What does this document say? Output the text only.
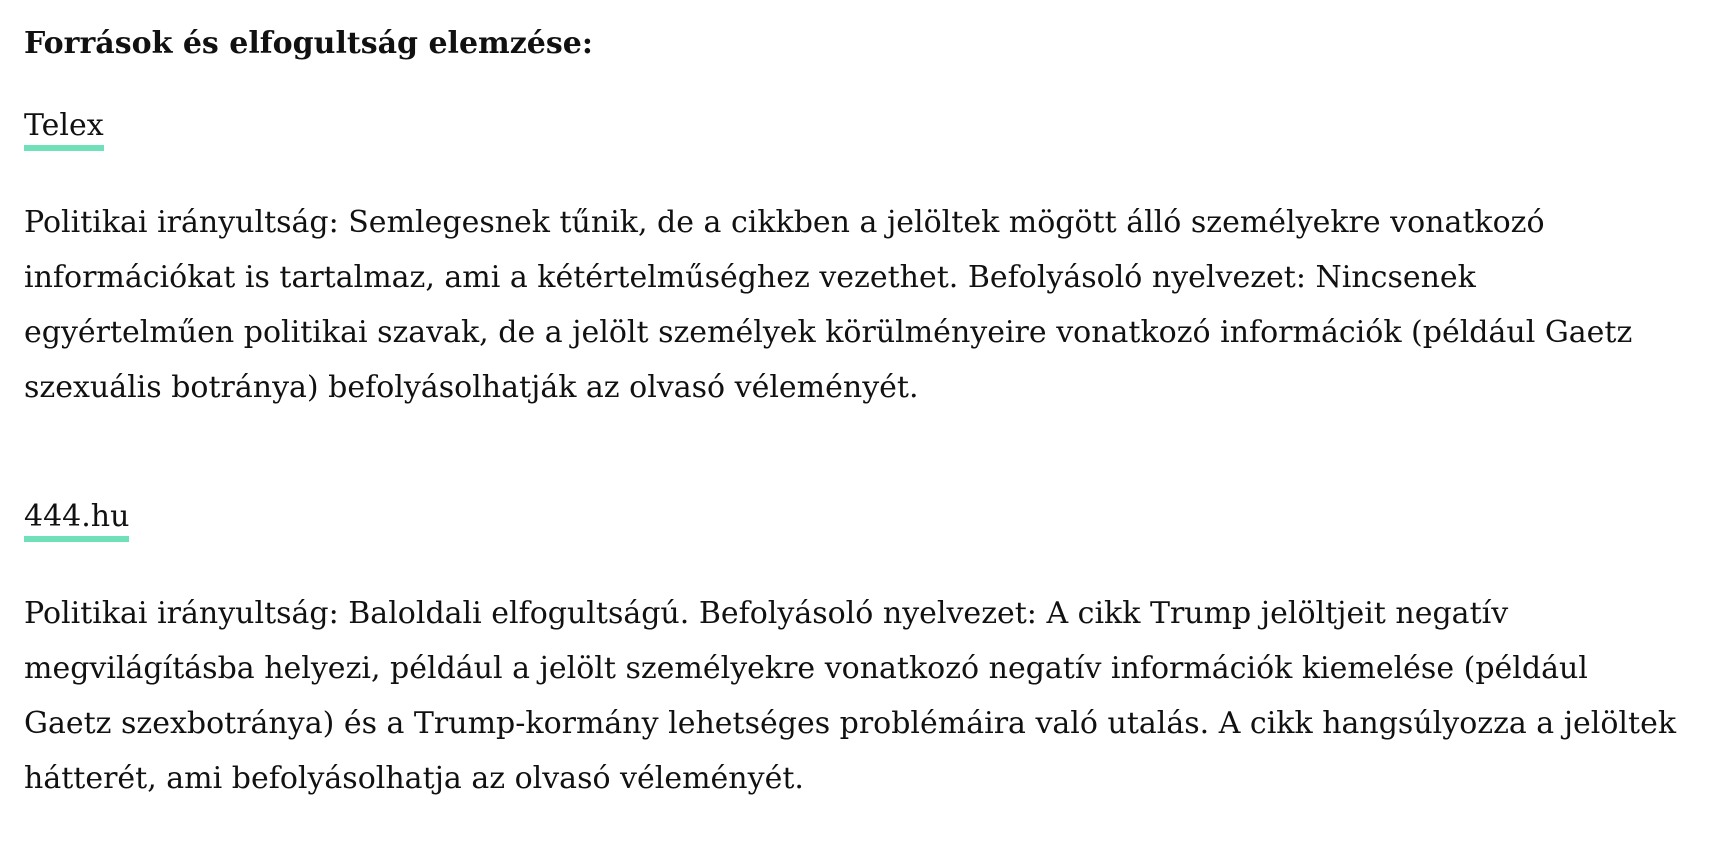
Források és elfogultság elemzése:
Telex

Politikai irányultság: Semlegesnek tűnik, de a cikkben a jelöltek mögött álló személyekre vonatkozó információkat is tartalmaz, ami a kétértelműséghez vezethet. Befolyásoló nyelvezet: Nincsenek egyértelműen politikai szavak, de a jelölt személyek körülményeire vonatkozó információk (például Gaetz szexuális botránya) befolyásolhatják az olvasó véleményét.

444.hu

Politikai irányultság: Baloldali elfogultságú. Befolyásoló nyelvezet: A cikk Trump jelöltjeit negatív megvilágításba helyezi, például a jelölt személyekre vonatkozó negatív információk kiemelése (például Gaetz szexbotránya) és a Trump-kormány lehetséges problémáira való utalás. A cikk hangsúlyozza a jelöltek hátterét, ami befolyásolhatja az olvasó véleményét.
